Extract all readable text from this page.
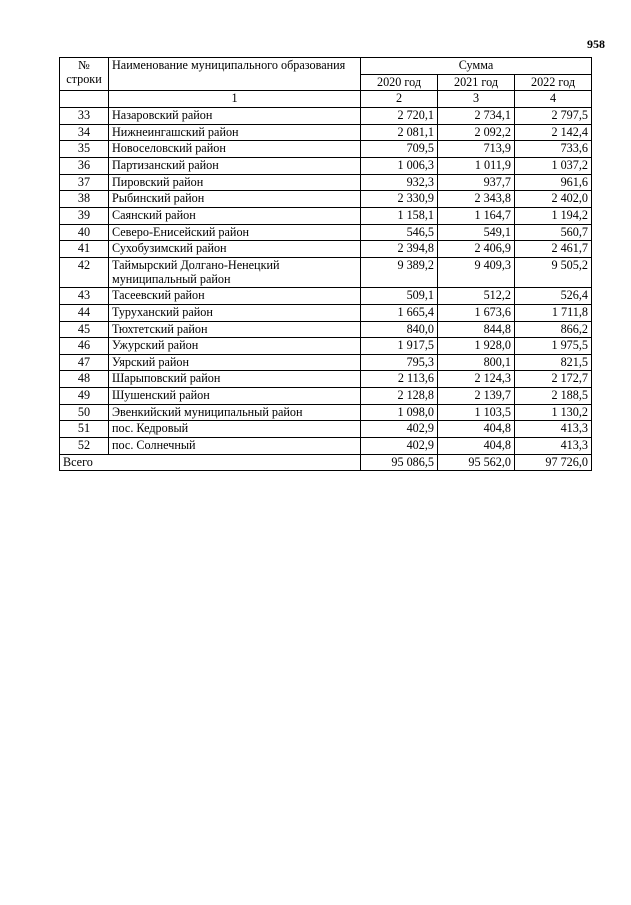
958
№ строки	Наименование муниципального образования	Сумма		
		2020 год	2021 год	2022 год
	1	2	3	4
33	Назаровский район	2 720,1	2 734,1	2 797,5
34	Нижнеингашский район	2 081,1	2 092,2	2 142,4
35	Новоселовский район	709,5	713,9	733,6
36	Партизанский район	1 006,3	1 011,9	1 037,2
37	Пировский район	932,3	937,7	961,6
38	Рыбинский район	2 330,9	2 343,8	2 402,0
39	Саянский район	1 158,1	1 164,7	1 194,2
40	Северо-Енисейский район	546,5	549,1	560,7
41	Сухобузимский район	2 394,8	2 406,9	2 461,7
42	Таймырский Долгано-Ненецкий муниципальный район	9 389,2	9 409,3	9 505,2
43	Тасеевский район	509,1	512,2	526,4
44	Туруханский район	1 665,4	1 673,6	1 711,8
45	Тюхтетский район	840,0	844,8	866,2
46	Ужурский район	1 917,5	1 928,0	1 975,5
47	Уярский район	795,3	800,1	821,5
48	Шарыповский район	2 113,6	2 124,3	2 172,7
49	Шушенский район	2 128,8	2 139,7	2 188,5
50	Эвенкийский муниципальный район	1 098,0	1 103,5	1 130,2
51	пос. Кедровый	402,9	404,8	413,3
52	пос. Солнечный	402,9	404,8	413,3
Всего		95 086,5	95 562,0	97 726,0
